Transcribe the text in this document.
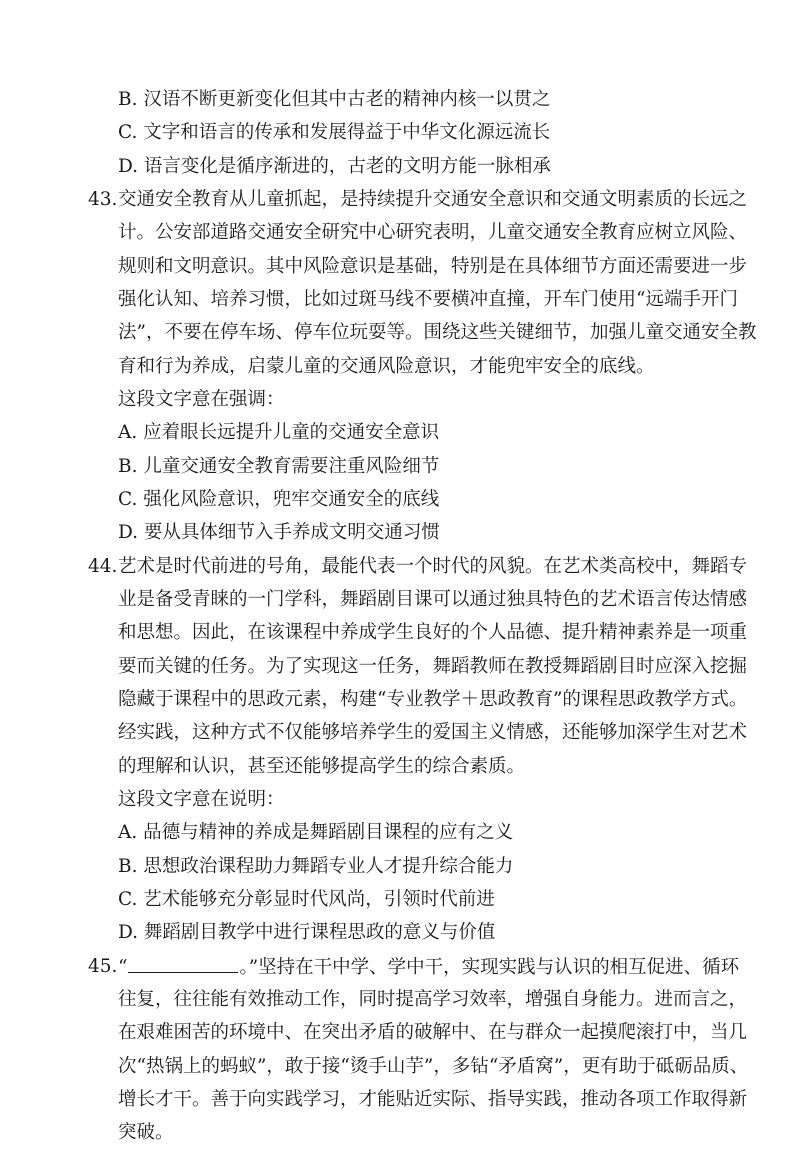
B. 汉语不断更新变化但其中古老的精神内核一以贯之
C. 文字和语言的传承和发展得益于中华文化源远流长
D. 语言变化是循序渐进的，古老的文明方能一脉相承
43. 交通安全教育从儿童抓起，是持续提升交通安全意识和交通文明素质的长远之
计。公安部道路交通安全研究中心研究表明，儿童交通安全教育应树立风险、
规则和文明意识。其中风险意识是基础，特别是在具体细节方面还需要进一步
强化认知、培养习惯，比如过斑马线不要横冲直撞，开车门使用“远端手开门
法”，不要在停车场、停车位玩耍等。围绕这些关键细节，加强儿童交通安全教
育和行为养成，启蒙儿童的交通风险意识，才能兜牢安全的底线。
这段文字意在强调：
A. 应着眼长远提升儿童的交通安全意识
B. 儿童交通安全教育需要注重风险细节
C. 强化风险意识，兜牢交通安全的底线
D. 要从具体细节入手养成文明交通习惯
44. 艺术是时代前进的号角，最能代表一个时代的风貌。在艺术类高校中，舞蹈专
业是备受青睐的一门学科，舞蹈剧目课可以通过独具特色的艺术语言传达情感
和思想。因此，在该课程中养成学生良好的个人品德、提升精神素养是一项重
要而关键的任务。为了实现这一任务，舞蹈教师在教授舞蹈剧目时应深入挖掘
隐藏于课程中的思政元素，构建“专业教学＋思政教育”的课程思政教学方式。
经实践，这种方式不仅能够培养学生的爱国主义情感，还能够加深学生对艺术
的理解和认识，甚至还能够提高学生的综合素质。
这段文字意在说明：
A. 品德与精神的养成是舞蹈剧目课程的应有之义
B. 思想政治课程助力舞蹈专业人才提升综合能力
C. 艺术能够充分彰显时代风尚，引领时代前进
D. 舞蹈剧目教学中进行课程思政的意义与价值
45. “	。”坚持在干中学、学中干，实现实践与认识的相互促进、循环
往复，往往能有效推动工作，同时提高学习效率，增强自身能力。进而言之，
在艰难困苦的环境中、在突出矛盾的破解中、在与群众一起摸爬滚打中，当几
次“热锅上的蚂蚁”，敢于接“烫手山芋”，多钻“矛盾窝”，更有助于砥砺品质、
增长才干。善于向实践学习，才能贴近实际、指导实践，推动各项工作取得新
突破。
